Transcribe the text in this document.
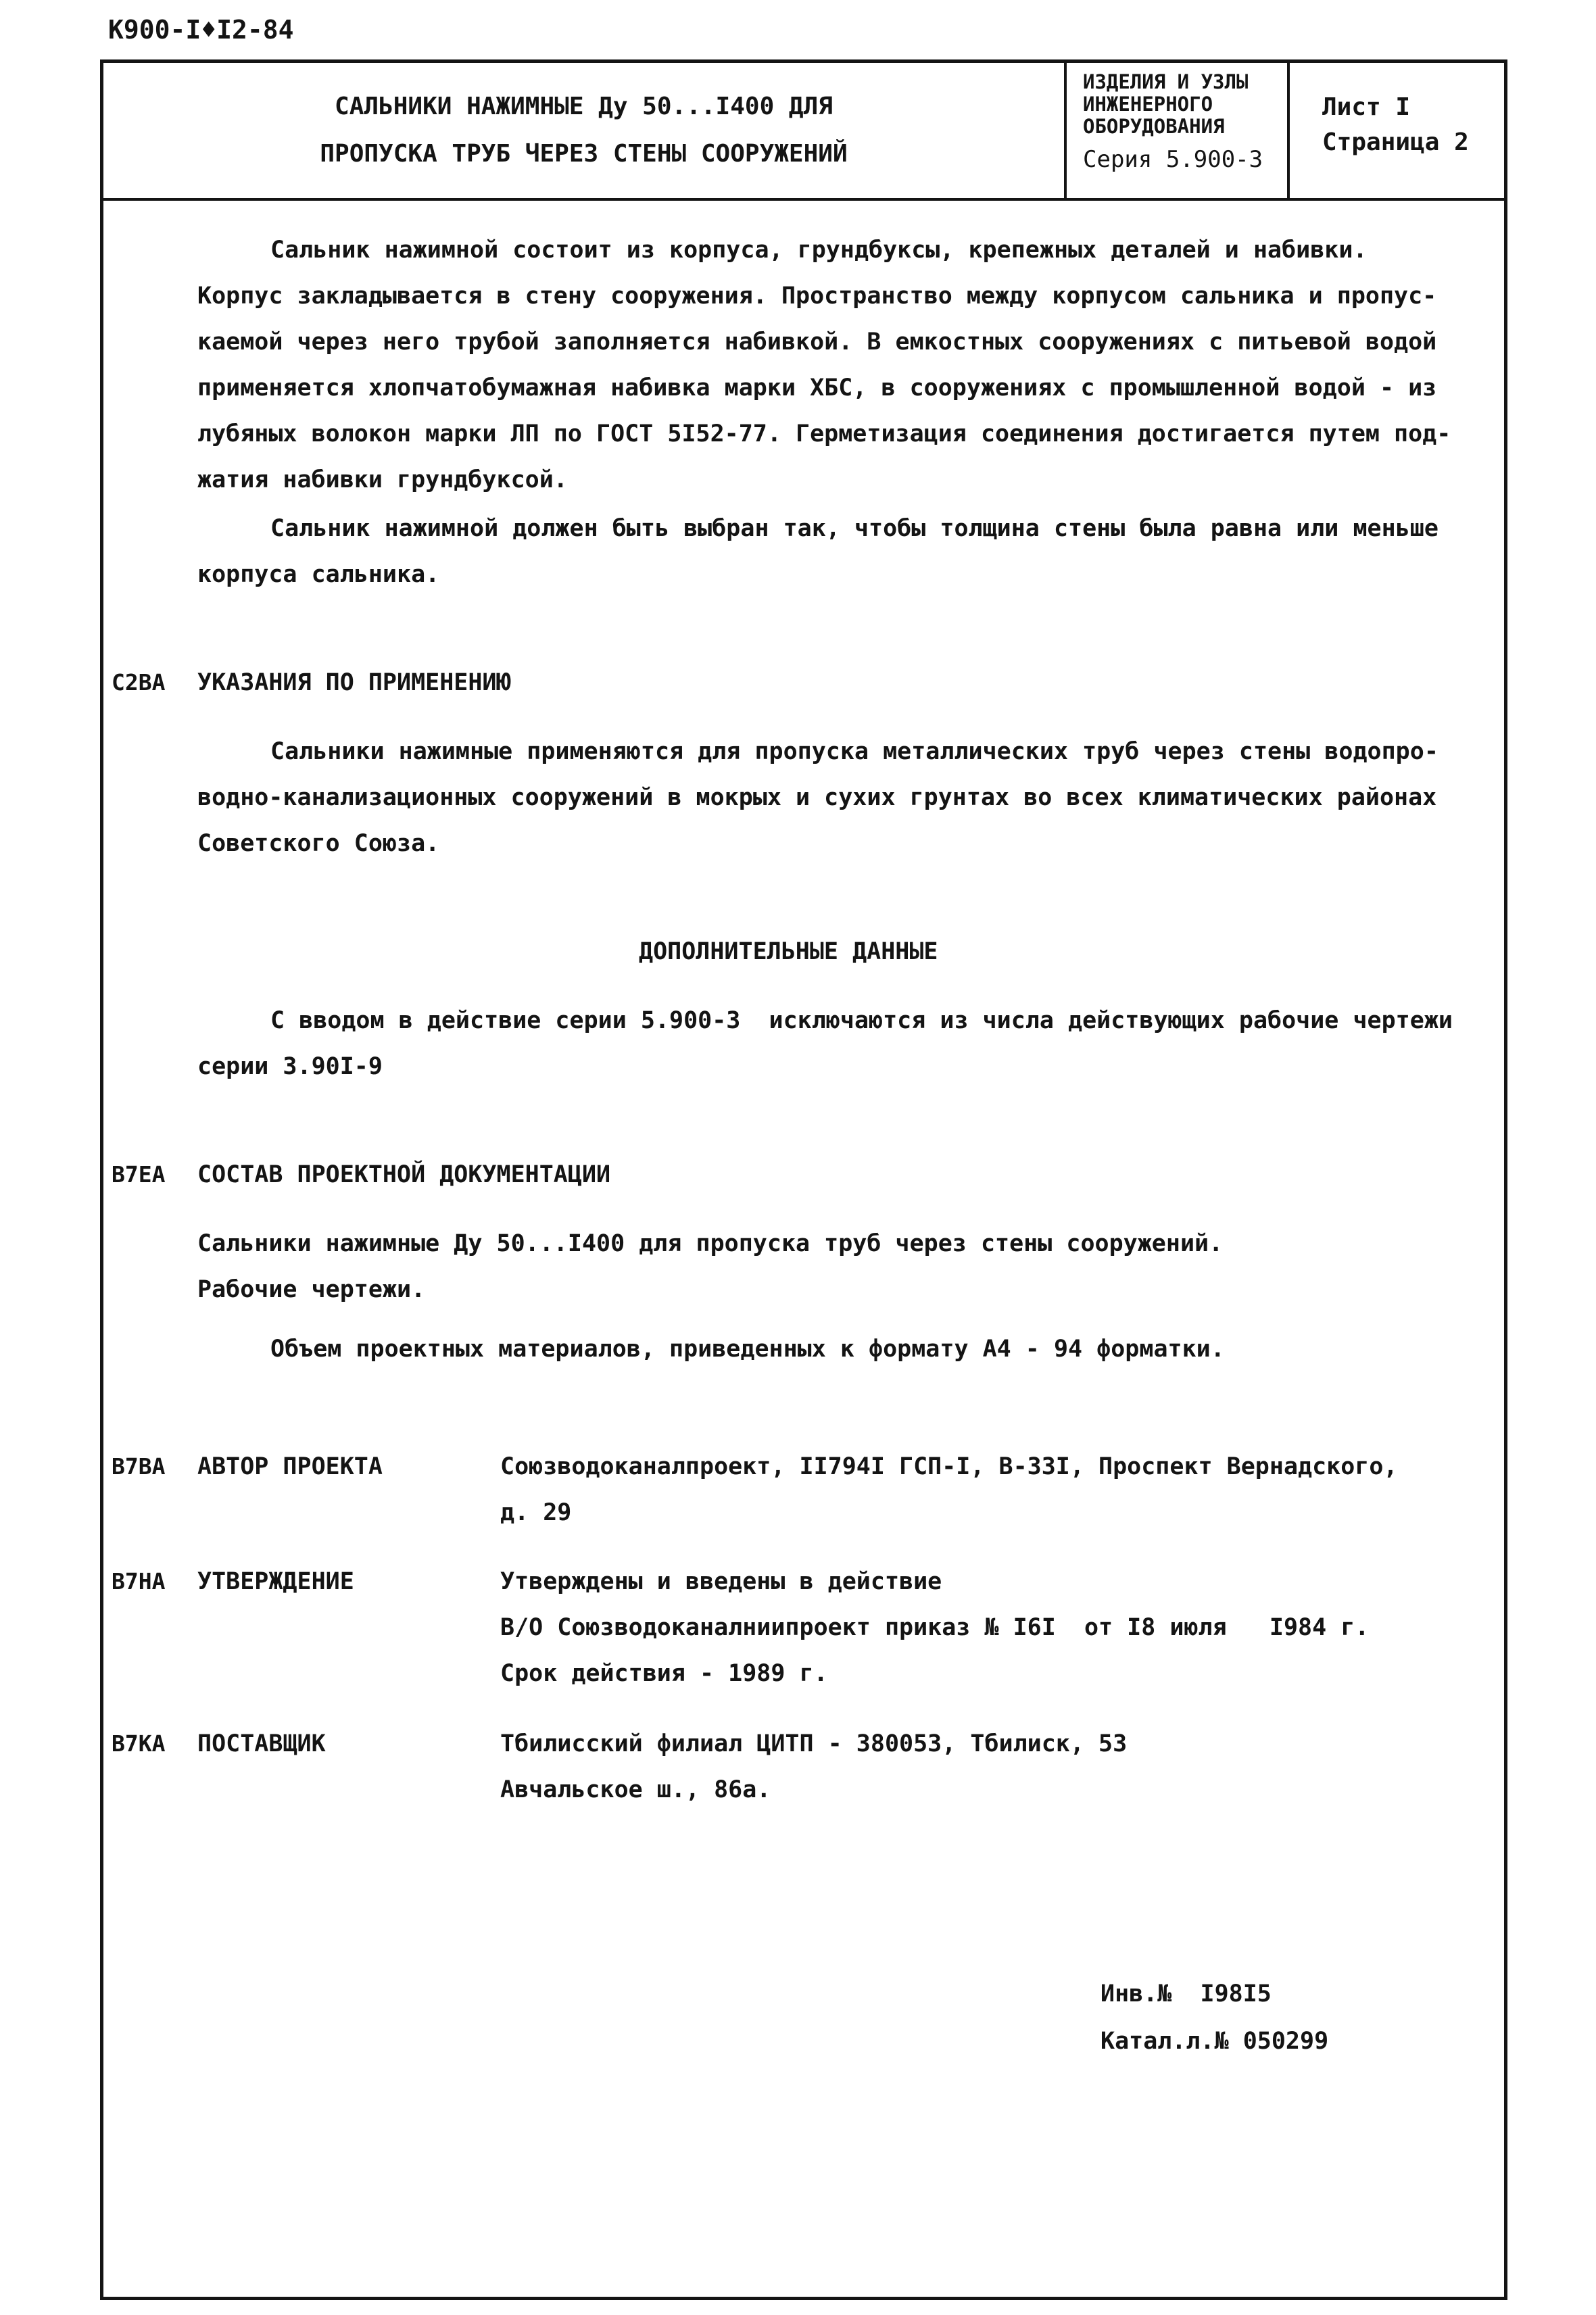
К900-I♦I2-84
САЛЬНИКИ НАЖИМНЫЕ Ду 50...I400 ДЛЯ
ПРОПУСКА ТРУБ ЧЕРЕЗ СТЕНЫ СООРУЖЕНИЙ
ИЗДЕЛИЯ И УЗЛЫ
ИНЖЕНЕРНОГО
ОБОРУДОВАНИЯ
Серия 5.900-3
Лист I
Страница 2
Сальник нажимной состоит из корпуса, грундбуксы, крепежных деталей и набивки.
Корпус закладывается в стену сооружения. Пространство между корпусом сальника и пропус-
каемой через него трубой заполняется набивкой. В емкостных сооружениях с питьевой водой
применяется хлопчатобумажная набивка марки ХБС, в сооружениях с промышленной водой - из
лубяных волокон марки ЛП по ГОСТ 5I52-77. Герметизация соединения достигается путем под-
жатия набивки грундбуксой.
Сальник нажимной должен быть выбран так, чтобы толщина стены была равна или меньше
корпуса сальника.
С2ВА УКАЗАНИЯ ПО ПРИМЕНЕНИЮ
Сальники нажимные применяются для пропуска металлических труб через стены водопро-
водно-канализационных сооружений в мокрых и сухих грунтах во всех климатических районах
Советского Союза.
ДОПОЛНИТЕЛЬНЫЕ ДАННЫЕ
С вводом в действие серии 5.900-3  исключаются из числа действующих рабочие чертежи
серии 3.90I-9
В7ЕА СОСТАВ ПРОЕКТНОЙ ДОКУМЕНТАЦИИ
Сальники нажимные Ду 50...I400 для пропуска труб через стены сооружений.
Рабочие чертежи.
Объем проектных материалов, приведенных к формату А4 - 94 форматки.
В7ВА АВТОР ПРОЕКТА	Союзводоканалпроект, II794I ГСП-I, В-33I, Проспект Вернадского,
д. 29
В7НА УТВЕРЖДЕНИЕ	Утверждены и введены в действие
В/О Союзводоканалниипроект приказ № I6I  от I8 июля   I984 г.
Срок действия - 1989 г.
В7КА ПОСТАВЩИК	Тбилисский филиал ЦИТП - 380053, Тбилиск, 53
Авчальское ш., 86а.
Инв.№  I98I5
Катал.л.№ 050299
